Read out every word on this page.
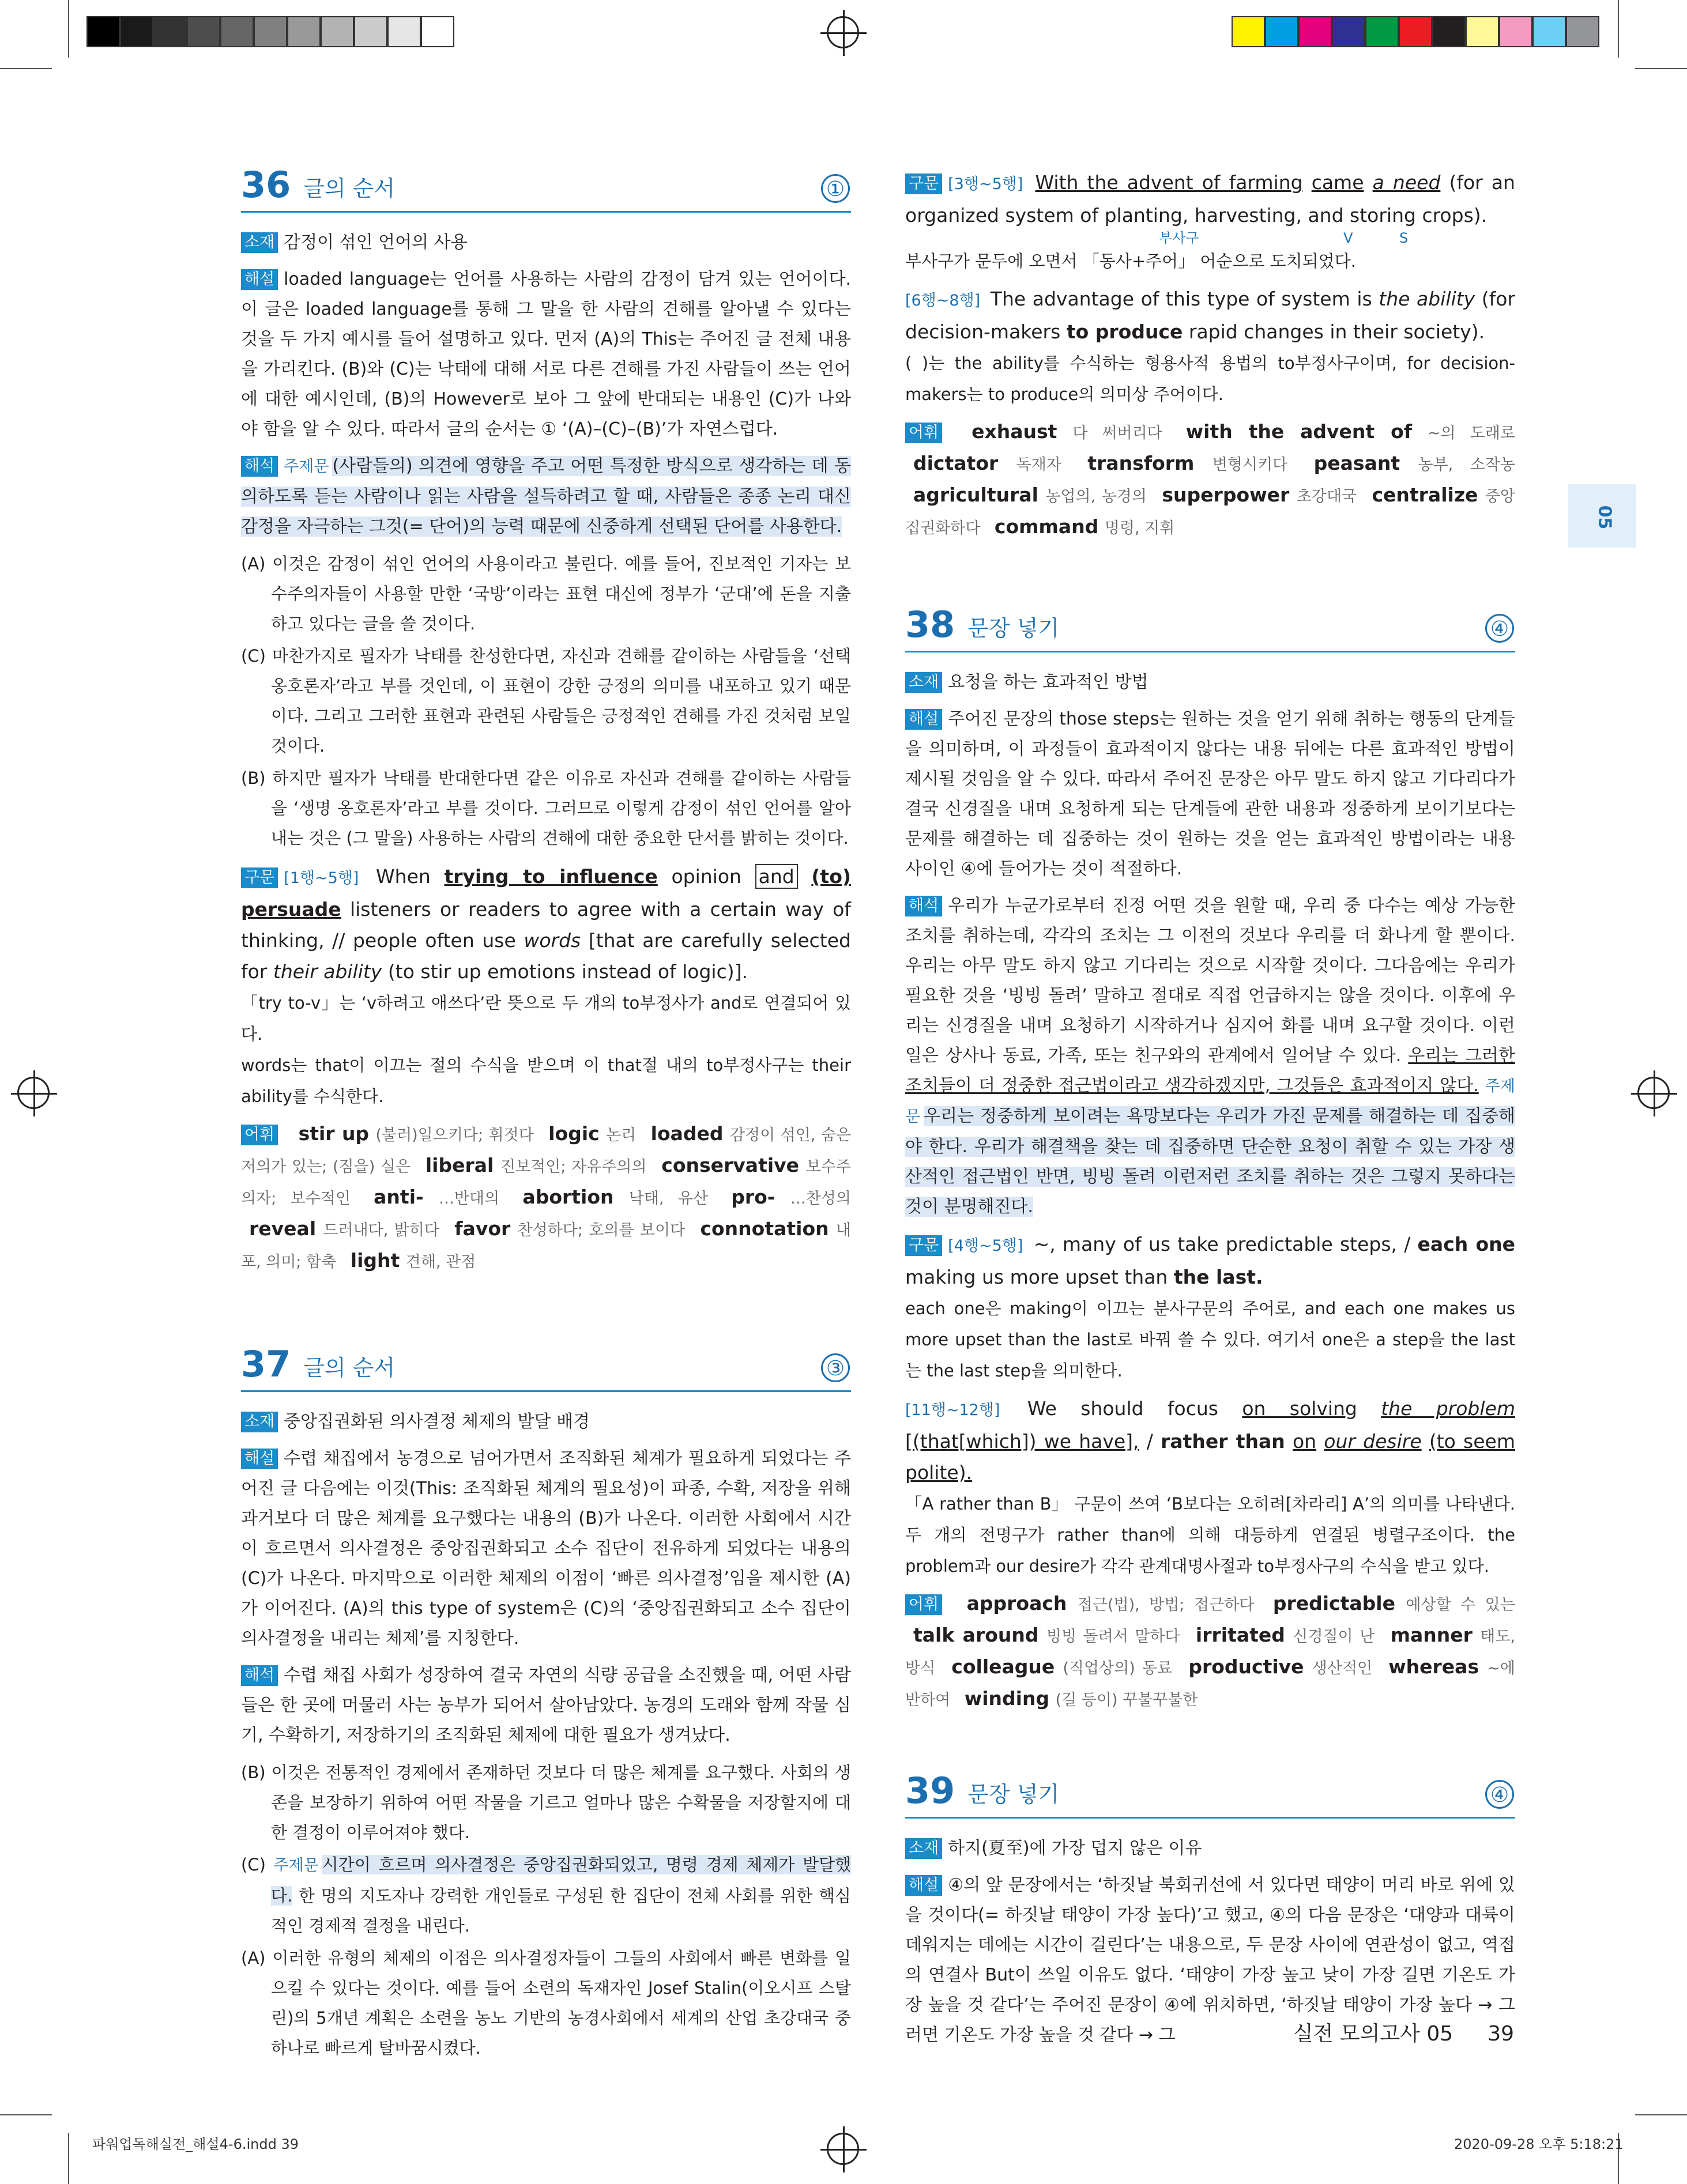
05
36 글의 순서	①
소재 감정이 섞인 언어의 사용
해설 loaded language는 언어를 사용하는 사람의 감정이 담겨 있는 언어이다. 이 글은 loaded language를 통해 그 말을 한 사람의 견해를 알아낼 수 있다는 것을 두 가지 예시를 들어 설명하고 있다. 먼저 (A)의 This는 주어진 글 전체 내용을 가리킨다. (B)와 (C)는 낙태에 대해 서로 다른 견해를 가진 사람들이 쓰는 언어에 대한 예시인데, (B)의 However로 보아 그 앞에 반대되는 내용인 (C)가 나와야 함을 알 수 있다. 따라서 글의 순서는 ① ‘(A)–(C)–(B)’가 자연스럽다.
해석 주제문 (사람들의) 의견에 영향을 주고 어떤 특정한 방식으로 생각하는 데 동의하도록 듣는 사람이나 읽는 사람을 설득하려고 할 때, 사람들은 종종 논리 대신 감정을 자극하는 그것(= 단어)의 능력 때문에 신중하게 선택된 단어를 사용한다.
(A) 이것은 감정이 섞인 언어의 사용이라고 불린다. 예를 들어, 진보적인 기자는 보수주의자들이 사용할 만한 ‘국방’이라는 표현 대신에 정부가 ‘군대’에 돈을 지출하고 있다는 글을 쓸 것이다.
(C) 마찬가지로 필자가 낙태를 찬성한다면, 자신과 견해를 같이하는 사람들을 ‘선택 옹호론자’라고 부를 것인데, 이 표현이 강한 긍정의 의미를 내포하고 있기 때문이다. 그리고 그러한 표현과 관련된 사람들은 긍정적인 견해를 가진 것처럼 보일 것이다.
(B) 하지만 필자가 낙태를 반대한다면 같은 이유로 자신과 견해를 같이하는 사람들을 ‘생명 옹호론자’라고 부를 것이다. 그러므로 이렇게 감정이 섞인 언어를 알아내는 것은 (그 말을) 사용하는 사람의 견해에 대한 중요한 단서를 밝히는 것이다.
구문 [1행~5행] When trying to influence opinion and (to) persuade listeners or readers to agree with a certain way of thinking, // people often use words [that are carefully selected for their ability (to stir up emotions instead of logic)].
「try to-v」는 ‘v하려고 애쓰다’란 뜻으로 두 개의 to부정사가 and로 연결되어 있다.
words는 that이 이끄는 절의 수식을 받으며 이 that절 내의 to부정사구는 their ability를 수식한다.
어휘 stir up (불러)일으키다; 휘젓다 logic 논리 loaded 감정이 섞인, 숨은 저의가 있는; (짐을) 실은 liberal 진보적인; 자유주의의 conservative 보수주의자; 보수적인 anti- …반대의 abortion 낙태, 유산 pro- …찬성의 reveal 드러내다, 밝히다 favor 찬성하다; 호의를 보이다 connotation 내포, 의미; 함축 light 견해, 관점
37 글의 순서	③
소재 중앙집권화된 의사결정 체제의 발달 배경
해설 수렵 채집에서 농경으로 넘어가면서 조직화된 체계가 필요하게 되었다는 주어진 글 다음에는 이것(This: 조직화된 체계의 필요성)이 파종, 수확, 저장을 위해 과거보다 더 많은 체계를 요구했다는 내용의 (B)가 나온다. 이러한 사회에서 시간이 흐르면서 의사결정은 중앙집권화되고 소수 집단이 전유하게 되었다는 내용의 (C)가 나온다. 마지막으로 이러한 체제의 이점이 ‘빠른 의사결정’임을 제시한 (A)가 이어진다. (A)의 this type of system은 (C)의 ‘중앙집권화되고 소수 집단이 의사결정을 내리는 체제’를 지칭한다.
해석 수렵 채집 사회가 성장하여 결국 자연의 식량 공급을 소진했을 때, 어떤 사람들은 한 곳에 머물러 사는 농부가 되어서 살아남았다. 농경의 도래와 함께 작물 심기, 수확하기, 저장하기의 조직화된 체제에 대한 필요가 생겨났다.
(B) 이것은 전통적인 경제에서 존재하던 것보다 더 많은 체계를 요구했다. 사회의 생존을 보장하기 위하여 어떤 작물을 기르고 얼마나 많은 수확물을 저장할지에 대한 결정이 이루어져야 했다.
(C) 주제문 시간이 흐르며 의사결정은 중앙집권화되었고, 명령 경제 체제가 발달했다. 한 명의 지도자나 강력한 개인들로 구성된 한 집단이 전체 사회를 위한 핵심적인 경제적 결정을 내린다.
(A) 이러한 유형의 체제의 이점은 의사결정자들이 그들의 사회에서 빠른 변화를 일으킬 수 있다는 것이다. 예를 들어 소련의 독재자인 Josef Stalin(이오시프 스탈린)의 5개년 계획은 소련을 농노 기반의 농경사회에서 세계의 산업 초강대국 중 하나로 빠르게 탈바꿈시켰다.
구문 [3행~5행] With the advent of farming came a need (for an organized system of planting, harvesting, and storing crops).
부사구	V	S
부사구가 문두에 오면서 「동사+주어」 어순으로 도치되었다.
[6행~8행] The advantage of this type of system is the ability (for decision-makers to produce rapid changes in their society).
( )는 the ability를 수식하는 형용사적 용법의 to부정사구이며, for decision-makers는 to produce의 의미상 주어이다.
어휘 exhaust 다 써버리다 with the advent of ~의 도래로 dictator 독재자 transform 변형시키다 peasant 농부, 소작농 agricultural 농업의, 농경의 superpower 초강대국 centralize 중앙집권화하다 command 명령, 지휘
38 문장 넣기	④
소재 요청을 하는 효과적인 방법
해설 주어진 문장의 those steps는 원하는 것을 얻기 위해 취하는 행동의 단계들을 의미하며, 이 과정들이 효과적이지 않다는 내용 뒤에는 다른 효과적인 방법이 제시될 것임을 알 수 있다. 따라서 주어진 문장은 아무 말도 하지 않고 기다리다가 결국 신경질을 내며 요청하게 되는 단계들에 관한 내용과 정중하게 보이기보다는 문제를 해결하는 데 집중하는 것이 원하는 것을 얻는 효과적인 방법이라는 내용 사이인 ④에 들어가는 것이 적절하다.
해석 우리가 누군가로부터 진정 어떤 것을 원할 때, 우리 중 다수는 예상 가능한 조치를 취하는데, 각각의 조치는 그 이전의 것보다 우리를 더 화나게 할 뿐이다. 우리는 아무 말도 하지 않고 기다리는 것으로 시작할 것이다. 그다음에는 우리가 필요한 것을 ‘빙빙 돌려’ 말하고 절대로 직접 언급하지는 않을 것이다. 이후에 우리는 신경질을 내며 요청하기 시작하거나 심지어 화를 내며 요구할 것이다. 이런 일은 상사나 동료, 가족, 또는 친구와의 관계에서 일어날 수 있다. 우리는 그러한 조치들이 더 정중한 접근법이라고 생각하겠지만, 그것들은 효과적이지 않다. 주제문 우리는 정중하게 보이려는 욕망보다는 우리가 가진 문제를 해결하는 데 집중해야 한다. 우리가 해결책을 찾는 데 집중하면 단순한 요청이 취할 수 있는 가장 생산적인 접근법인 반면, 빙빙 돌려 이런저런 조치를 취하는 것은 그렇지 못하다는 것이 분명해진다.
구문 [4행~5행] ~, many of us take predictable steps, / each one making us more upset than the last.
each one은 making이 이끄는 분사구문의 주어로, and each one makes us more upset than the last로 바꿔 쓸 수 있다. 여기서 one은 a step을 the last는 the last step을 의미한다.
[11행~12행] We should focus on solving the problem [(that[which]) we have], / rather than on our desire (to seem polite).
「A rather than B」 구문이 쓰여 ‘B보다는 오히려[차라리] A’의 의미를 나타낸다. 두 개의 전명구가 rather than에 의해 대등하게 연결된 병렬구조이다. the problem과 our desire가 각각 관계대명사절과 to부정사구의 수식을 받고 있다.
어휘 approach 접근(법), 방법; 접근하다 predictable 예상할 수 있는 talk around 빙빙 돌려서 말하다 irritated 신경질이 난 manner 태도, 방식 colleague (직업상의) 동료 productive 생산적인 whereas ~에 반하여 winding (길 등이) 꾸불꾸불한
39 문장 넣기	④
소재 하지(夏至)에 가장 덥지 않은 이유
해설 ④의 앞 문장에서는 ‘하짓날 북회귀선에 서 있다면 태양이 머리 바로 위에 있을 것이다(= 하짓날 태양이 가장 높다)’고 했고, ④의 다음 문장은 ‘대양과 대륙이 데워지는 데에는 시간이 걸린다’는 내용으로, 두 문장 사이에 연관성이 없고, 역접의 연결사 But이 쓰일 이유도 없다. ‘태양이 가장 높고 낮이 가장 길면 기온도 가장 높을 것 같다’는 주어진 문장이 ④에 위치하면, ‘하짓날 태양이 가장 높다 → 그러면 기온도 가장 높을 것 같다 → 그	실전 모의고사 05 39
파워업독해실전_해설4-6.indd 39	2020-09-28 오후 5:18:21
